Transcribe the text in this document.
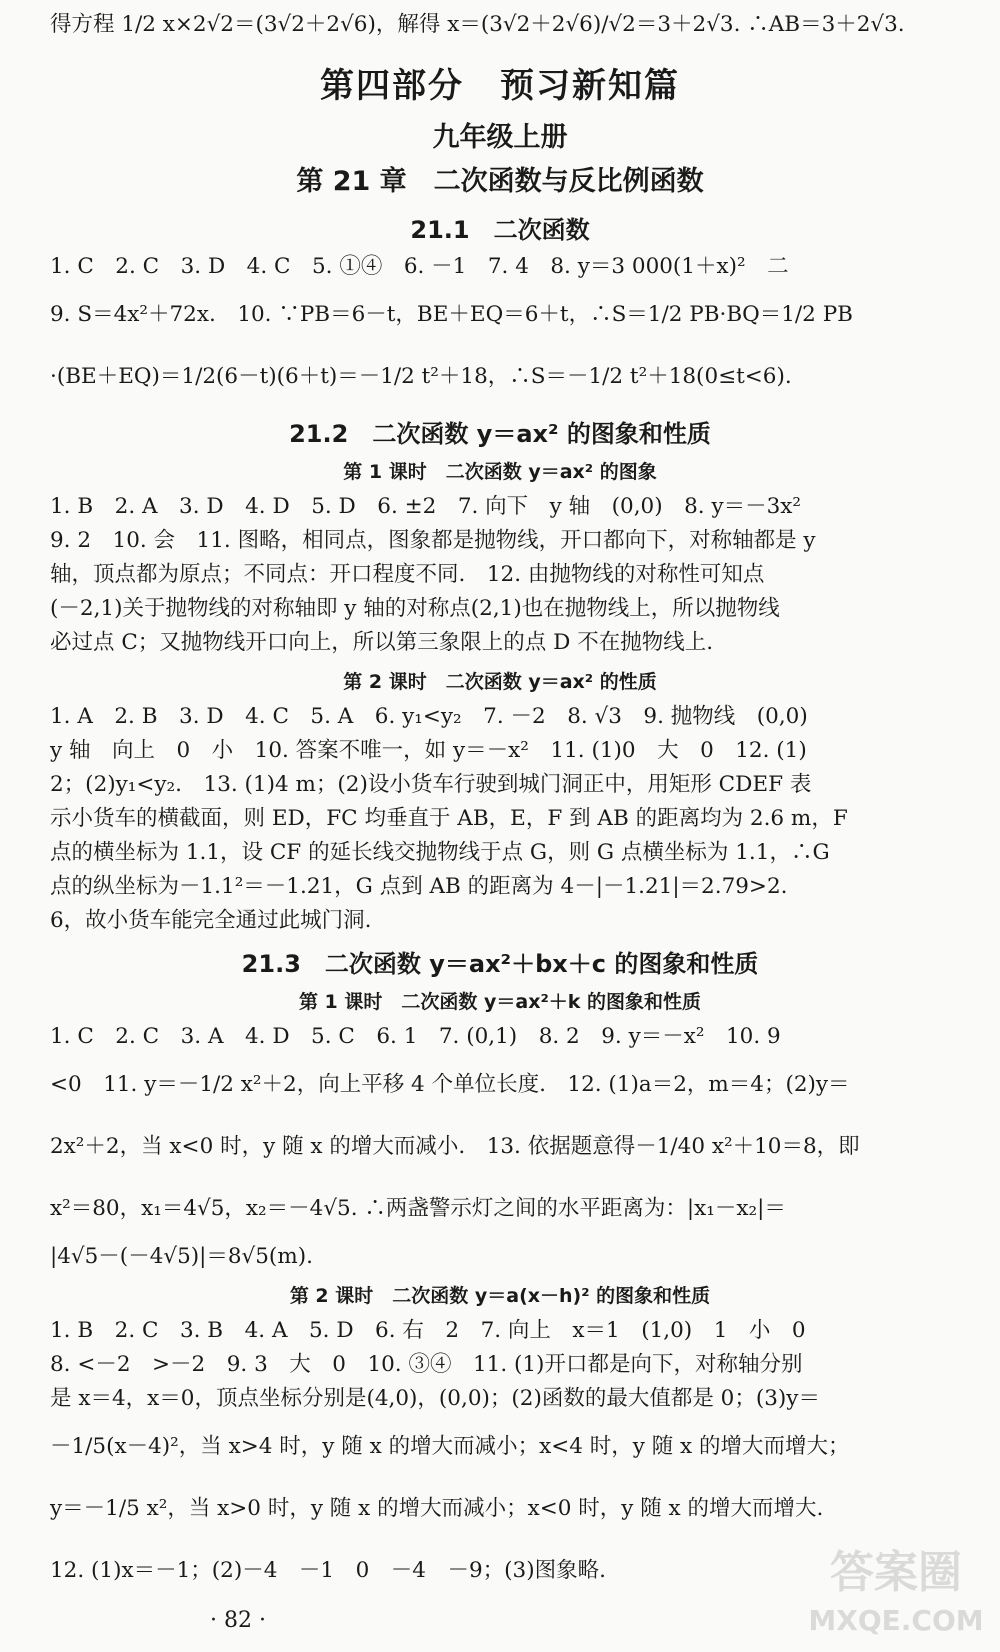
得方程 1/2 x×2√2＝(3√2＋2√6)，解得 x＝(3√2＋2√6)/√2＝3＋2√3. ∴AB＝3＋2√3.
第四部分　预习新知篇
九年级上册
第 21 章　二次函数与反比例函数
21.1　二次函数
1. C　2. C　3. D　4. C　5. ①④　6. －1　7. 4　8. y＝3 000(1＋x)²　二
9. S＝4x²＋72x.　10. ∵PB＝6－t，BE＋EQ＝6＋t，∴S＝1/2 PB·BQ＝1/2 PB
·(BE＋EQ)＝1/2(6－t)(6＋t)＝－1/2 t²＋18，∴S＝－1/2 t²＋18(0≤t<6).
21.2　二次函数 y＝ax² 的图象和性质
第 1 课时　二次函数 y＝ax² 的图象
1. B　2. A　3. D　4. D　5. D　6. ±2　7. 向下　y 轴　(0,0)　8. y＝－3x²
9. 2　10. 会　11. 图略，相同点，图象都是抛物线，开口都向下，对称轴都是 y
轴，顶点都为原点；不同点：开口程度不同.　12. 由抛物线的对称性可知点
(－2,1)关于抛物线的对称轴即 y 轴的对称点(2,1)也在抛物线上，所以抛物线
必过点 C；又抛物线开口向上，所以第三象限上的点 D 不在抛物线上.
第 2 课时　二次函数 y＝ax² 的性质
1. A　2. B　3. D　4. C　5. A　6. y₁<y₂　7. －2　8. √3　9. 抛物线　(0,0)
y 轴　向上　0　小　10. 答案不唯一，如 y＝－x²　11. (1)0　大　0　12. (1)
2；(2)y₁<y₂.　13. (1)4 m；(2)设小货车行驶到城门洞正中，用矩形 CDEF 表
示小货车的横截面，则 ED，FC 均垂直于 AB，E，F 到 AB 的距离均为 2.6 m，F
点的横坐标为 1.1，设 CF 的延长线交抛物线于点 G，则 G 点横坐标为 1.1，∴G
点的纵坐标为－1.1²＝－1.21，G 点到 AB 的距离为 4－|－1.21|＝2.79>2.
6，故小货车能完全通过此城门洞.
21.3　二次函数 y＝ax²＋bx＋c 的图象和性质
第 1 课时　二次函数 y＝ax²＋k 的图象和性质
1. C　2. C　3. A　4. D　5. C　6. 1　7. (0,1)　8. 2　9. y＝－x²　10. 9
<0　11. y＝－1/2 x²＋2，向上平移 4 个单位长度.　12. (1)a＝2，m＝4；(2)y＝
2x²＋2，当 x<0 时，y 随 x 的增大而减小.　13. 依据题意得－1/40 x²＋10＝8，即
x²＝80，x₁＝4√5，x₂＝－4√5. ∴两盏警示灯之间的水平距离为：|x₁－x₂|＝
|4√5－(－4√5)|＝8√5(m).
第 2 课时　二次函数 y＝a(x－h)² 的图象和性质
1. B　2. C　3. B　4. A　5. D　6. 右　2　7. 向上　x＝1　(1,0)　1　小　0
8. <－2　>－2　9. 3　大　0　10. ③④　11. (1)开口都是向下，对称轴分别
是 x＝4，x＝0，顶点坐标分别是(4,0)，(0,0)；(2)函数的最大值都是 0；(3)y＝
－1/5(x－4)²，当 x>4 时，y 随 x 的增大而减小；x<4 时，y 随 x 的增大而增大；
y＝－1/5 x²，当 x>0 时，y 随 x 的增大而减小；x<0 时，y 随 x 的增大而增大.
12. (1)x＝－1；(2)－4　－1　0　－4　－9；(3)图象略.
· 82 ·
答案圈
MXQE.COM
